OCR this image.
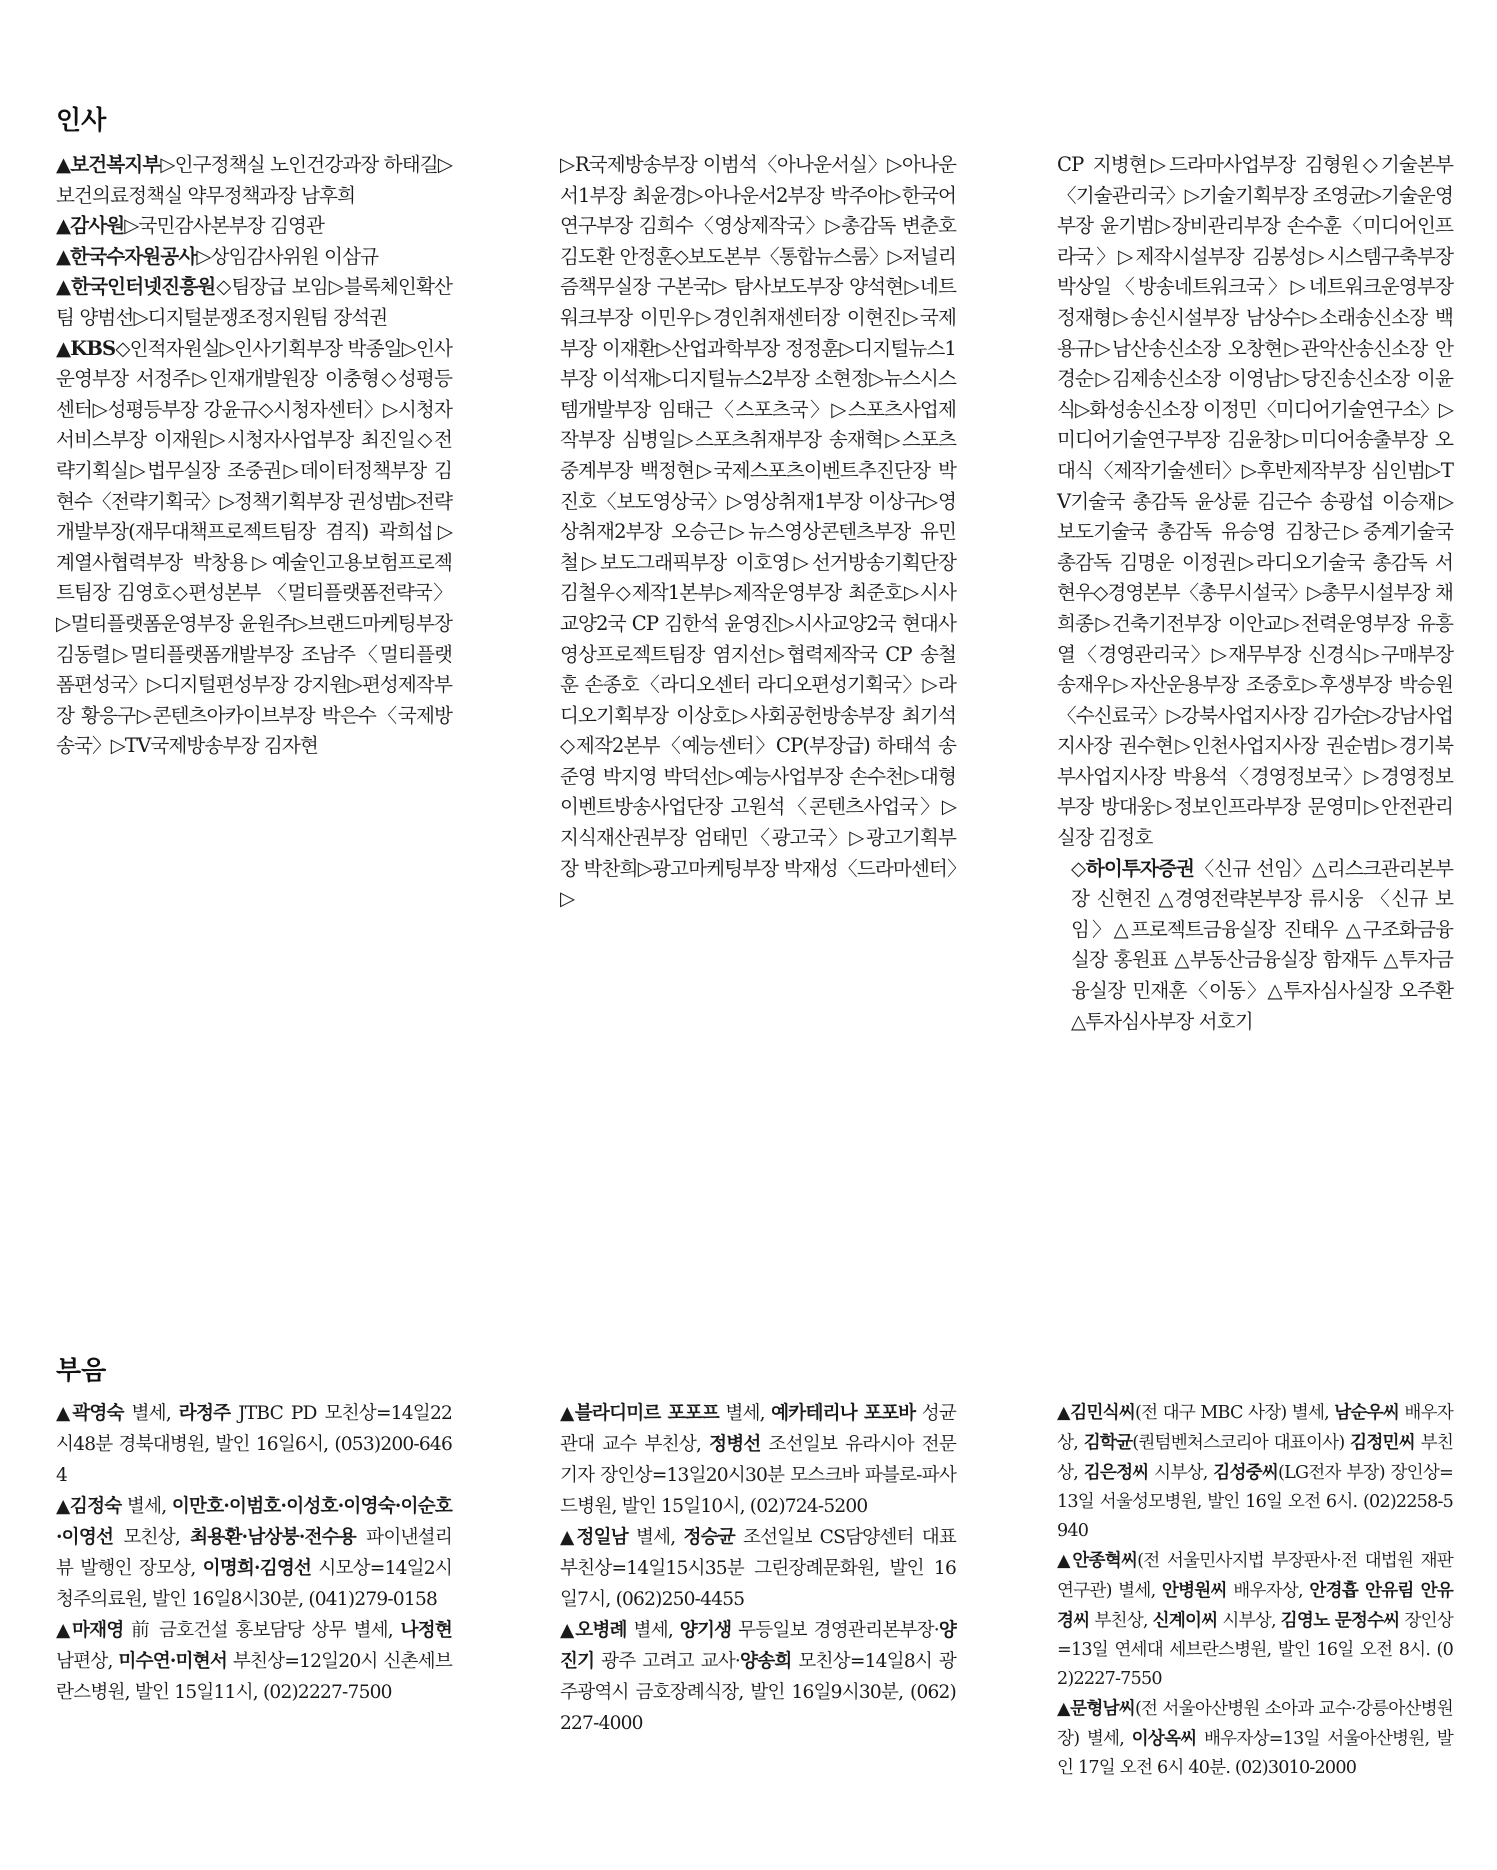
인사
▲보건복지부▷인구정책실 노인건강과장 하태길▷보건의료정책실 약무정책과장 남후희
▲감사원▷국민감사본부장 김영관
▲한국수자원공사▷상임감사위원 이삼규
▲한국인터넷진흥원◇팀장급 보임▷블록체인확산팀 양범선▷디지털분쟁조정지원팀 장석권
▲KBS◇인적자원실▷인사기획부장 박종일▷인사운영부장 서정주▷인재개발원장 이충형◇성평등센터▷성평등부장 강윤규◇시청자센터〉▷시청자서비스부장 이재원▷시청자사업부장 최진일◇전략기획실▷법무실장 조중권▷데이터정책부장 김현수〈전략기획국〉▷정책기획부장 권성범▷전략개발부장(재무대책프로젝트팀장 겸직) 곽희섭▷계열사협력부장 박창용▷예술인고용보험프로젝트팀장 김영호◇편성본부 〈멀티플랫폼전략국〉▷멀티플랫폼운영부장 윤원주▷브랜드마케팅부장 김동렬▷멀티플랫폼개발부장 조남주〈멀티플랫폼편성국〉▷디지털편성부장 강지원▷편성제작부장 황응구▷콘텐츠아카이브부장 박은수〈국제방송국〉▷TV국제방송부장 김자현
▷R국제방송부장 이범석〈아나운서실〉▷아나운서1부장 최윤경▷아나운서2부장 박주아▷한국어연구부장 김희수〈영상제작국〉▷총감독 변춘호 김도환 안정훈◇보도본부〈통합뉴스룸〉▷저널리즘책무실장 구본국▷ 탐사보도부장 양석현▷네트워크부장 이민우▷경인취재센터장 이현진▷국제부장 이재환▷산업과학부장 정정훈▷디지털뉴스1부장 이석재▷디지털뉴스2부장 소현정▷뉴스시스템개발부장 임태근〈스포츠국〉▷스포츠사업제작부장 심병일▷스포츠취재부장 송재혁▷스포츠중계부장 백정현▷국제스포츠이벤트추진단장 박진호〈보도영상국〉▷영상취재1부장 이상구▷영상취재2부장 오승근▷뉴스영상콘텐츠부장 유민철▷보도그래픽부장 이호영▷선거방송기획단장 김철우◇제작1본부▷제작운영부장 최준호▷시사교양2국 CP 김한석 윤영진▷시사교양2국 현대사영상프로젝트팀장 염지선▷협력제작국 CP 송철훈 손종호〈라디오센터 라디오편성기획국〉▷라디오기획부장 이상호▷사회공헌방송부장 최기석◇제작2본부〈예능센터〉CP(부장급) 하태석 송준영 박지영 박덕선▷예능사업부장 손수천▷대형이벤트방송사업단장 고원석〈콘텐츠사업국〉▷지식재산권부장 엄태민〈광고국〉▷광고기획부장 박찬희▷광고마케팅부장 박재성〈드라마센터〉▷
CP 지병현▷드라마사업부장 김형원◇기술본부〈기술관리국〉▷기술기획부장 조영균▷기술운영부장 윤기범▷장비관리부장 손수훈〈미디어인프라국〉▷제작시설부장 김봉성▷시스템구축부장 박상일〈방송네트워크국〉▷네트워크운영부장 정재형▷송신시설부장 남상수▷소래송신소장 백용규▷남산송신소장 오창현▷관악산송신소장 안경순▷김제송신소장 이영남▷당진송신소장 이윤식▷화성송신소장 이정민〈미디어기술연구소〉▷미디어기술연구부장 김윤창▷미디어송출부장 오대식〈제작기술센터〉▷후반제작부장 심인범▷TV기술국 총감독 윤상륜 김근수 송광섭 이승재▷보도기술국 총감독 유승영 김창근▷중계기술국 총감독 김명운 이정권▷라디오기술국 총감독 서현우◇경영본부〈총무시설국〉▷총무시설부장 채희종▷건축기전부장 이안교▷전력운영부장 유흥열〈경영관리국〉▷재무부장 신경식▷구매부장 송재우▷자산운용부장 조중호▷후생부장 박승원〈수신료국〉▷강북사업지사장 김가순▷강남사업지사장 권수현▷인천사업지사장 권순범▷경기북부사업지사장 박용석〈경영정보국〉▷경영정보부장 방대웅▷정보인프라부장 문영미▷안전관리실장 김정호
◇하이투자증권〈신규 선임〉△리스크관리본부장 신현진 △경영전략본부장 류시웅 〈신규 보임〉△프로젝트금융실장 진태우 △구조화금융실장 홍원표 △부동산금융실장 함재두 △투자금융실장 민재훈〈이동〉△투자심사실장 오주환 △투자심사부장 서호기
부음
▲곽영숙 별세, 라정주 JTBC PD 모친상=14일22시48분 경북대병원, 발인 16일6시, (053)200-6464
▲김정숙 별세, 이만호·이범호·이성호·이영숙·이순호·이영선 모친상, 최용환·남상붕·전수용 파이낸셜리뷰 발행인 장모상, 이명희·김영선 시모상=14일2시 청주의료원, 발인 16일8시30분, (041)279-0158
▲마재영 前 금호건설 홍보담당 상무 별세, 나정현 남편상, 미수연·미현서 부친상=12일20시 신촌세브란스병원, 발인 15일11시, (02)2227-7500
▲블라디미르 포포프 별세, 예카테리나 포포바 성균관대 교수 부친상, 정병선 조선일보 유라시아 전문기자 장인상=13일20시30분 모스크바 파블로-파사드병원, 발인 15일10시, (02)724-5200
▲정일남 별세, 정승균 조선일보 CS담양센터 대표 부친상=14일15시35분 그린장례문화원, 발인 16일7시, (062)250-4455
▲오병례 별세, 양기생 무등일보 경영관리본부장·양진기 광주 고려고 교사·양송희 모친상=14일8시 광주광역시 금호장례식장, 발인 16일9시30분, (062)227-4000
▲김민식씨(전 대구 MBC 사장) 별세, 남순우씨 배우자상, 김학균(퀀텀벤처스코리아 대표이사) 김정민씨 부친상, 김은정씨 시부상, 김성중씨(LG전자 부장) 장인상=13일 서울성모병원, 발인 16일 오전 6시. (02)2258-5940
▲안종혁씨(전 서울민사지법 부장판사·전 대법원 재판연구관) 별세, 안병원씨 배우자상, 안경흡 안유림 안유경씨 부친상, 신계이씨 시부상, 김영노 문정수씨 장인상=13일 연세대 세브란스병원, 발인 16일 오전 8시. (02)2227-7550
▲문형남씨(전 서울아산병원 소아과 교수·강릉아산병원장) 별세, 이상옥씨 배우자상=13일 서울아산병원, 발인 17일 오전 6시 40분. (02)3010-2000
